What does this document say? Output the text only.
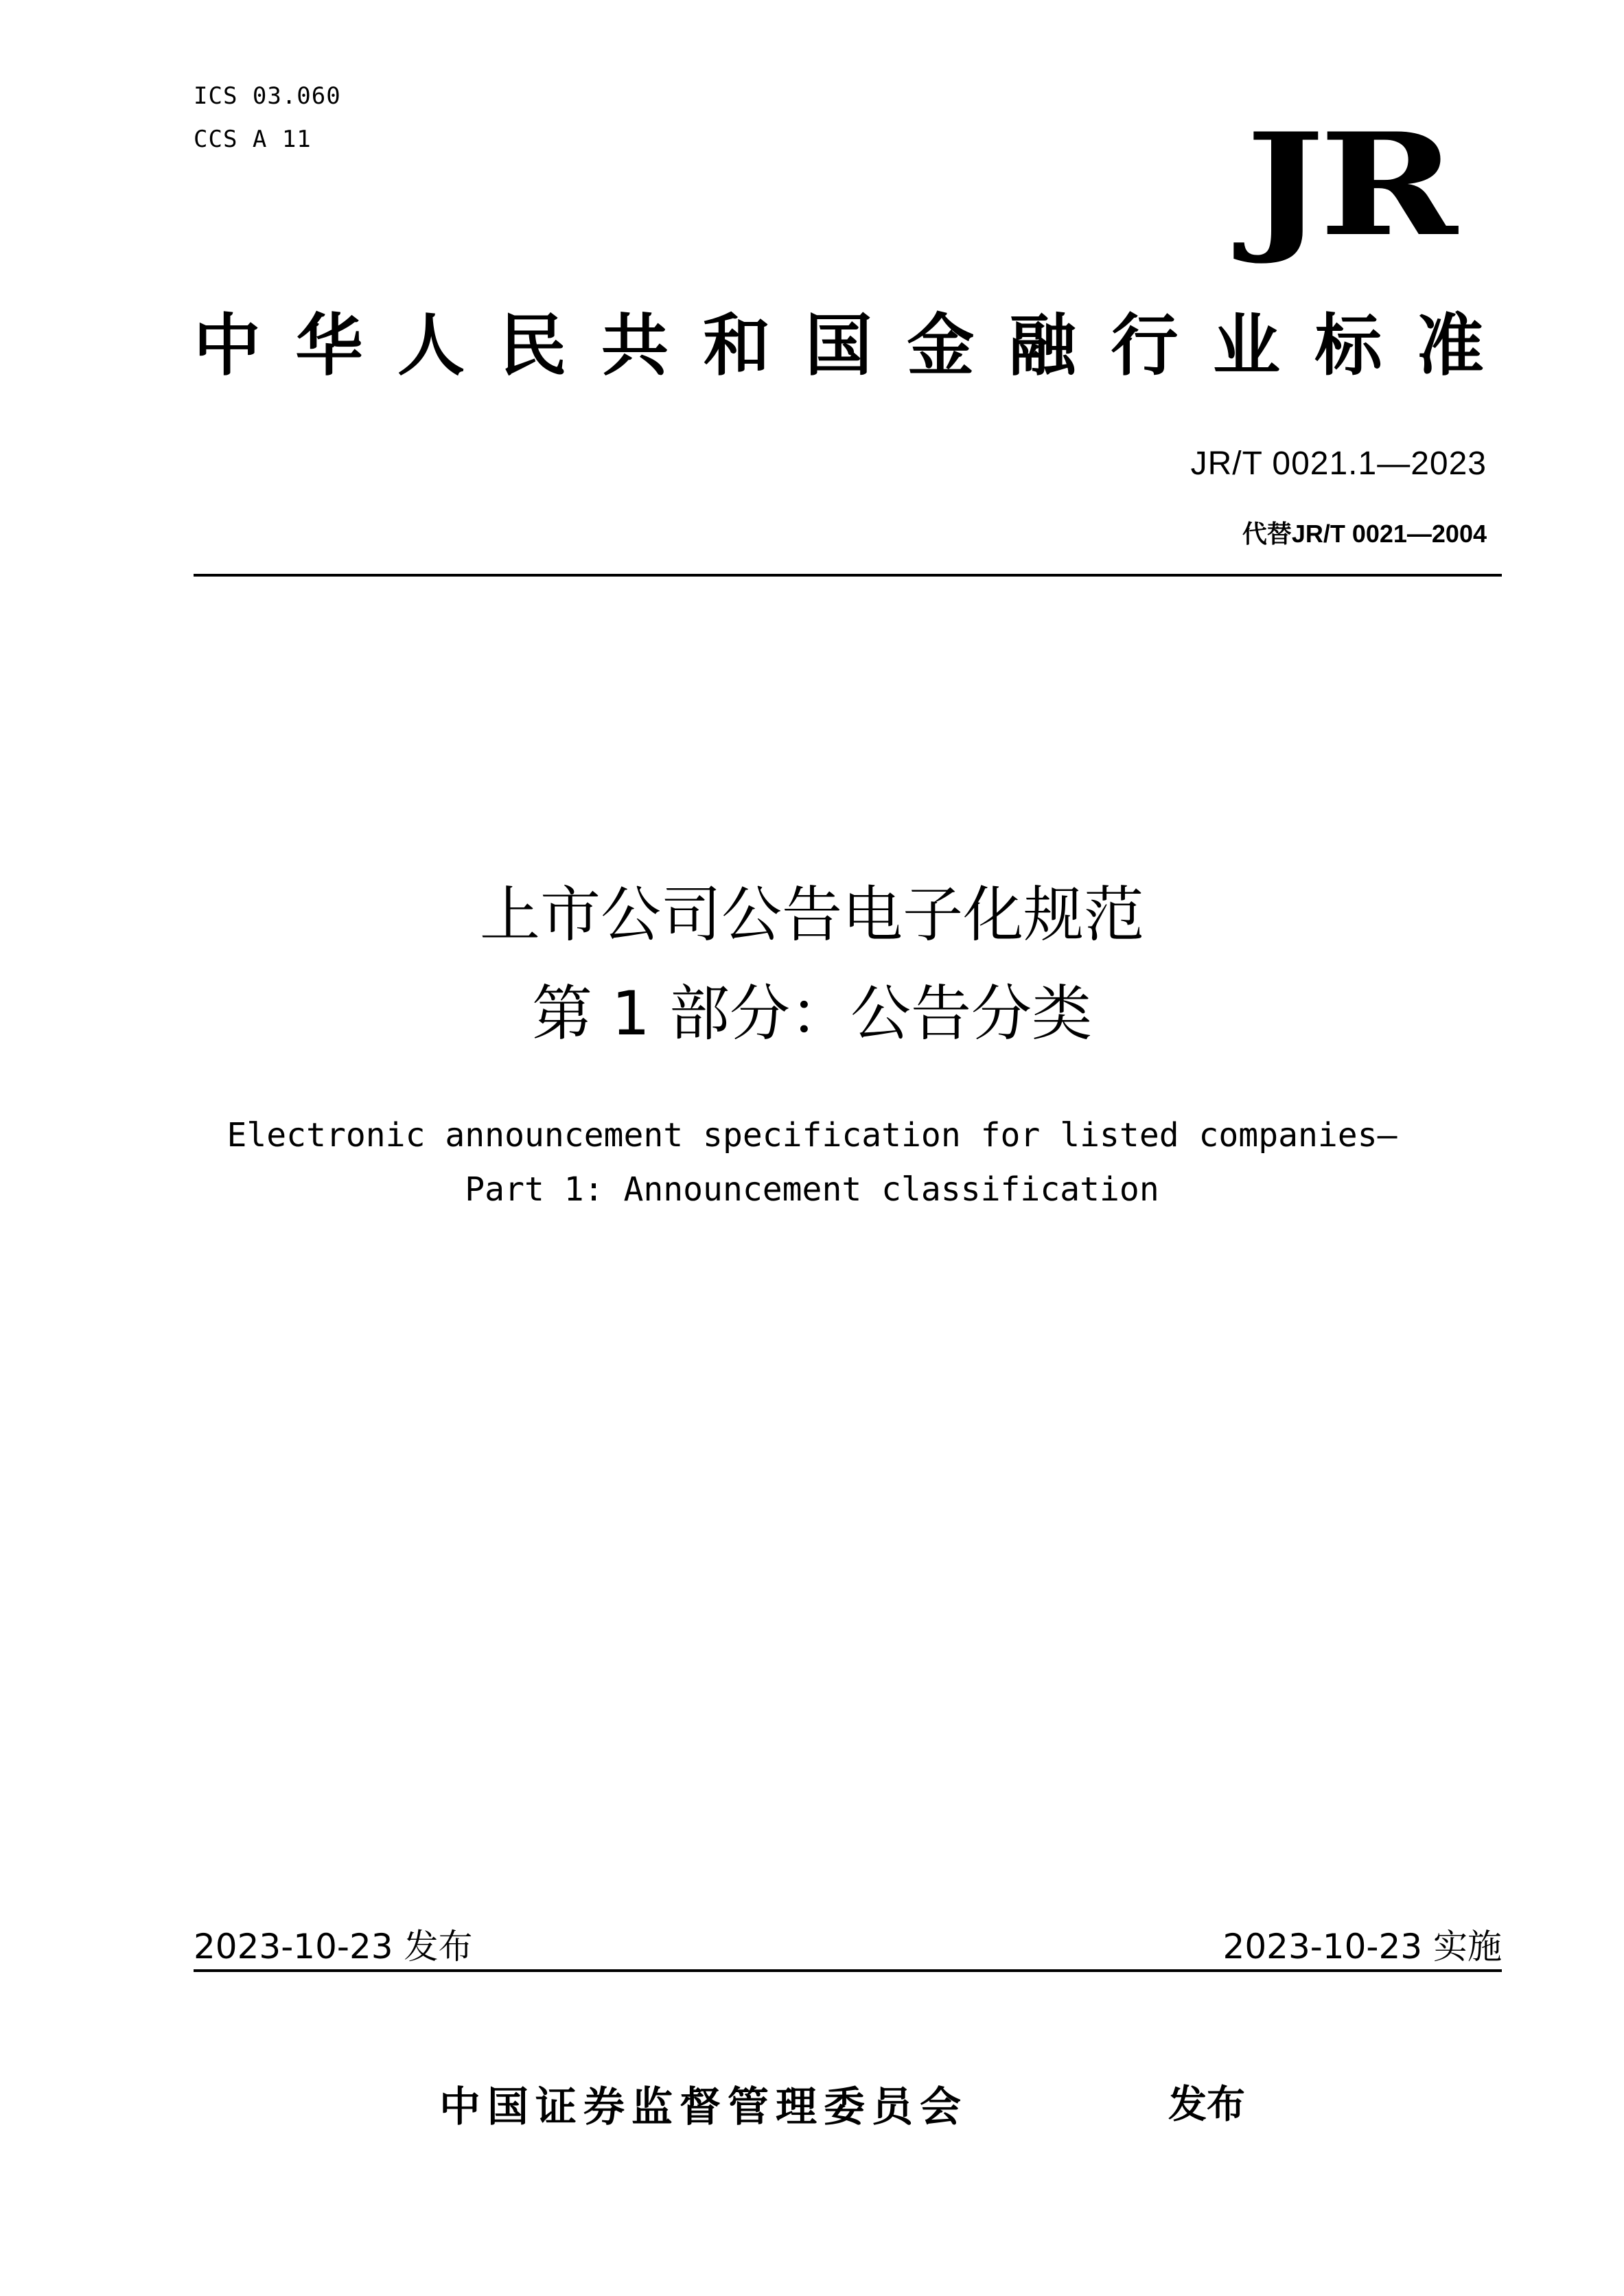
ICS 03.060
CCS A 11	JR
中 华 人 民 共 和 国 金 融 行 业 标 准
JR/T 0021.1—2023
代替JR/T 0021—2004
上市公司公告电子化规范
第 1 部分：公告分类
Electronic announcement specification for listed companies—
Part 1: Announcement classification
2023-10-23 发布	2023-10-23 实施
中国证券监督管理委员会	发布
